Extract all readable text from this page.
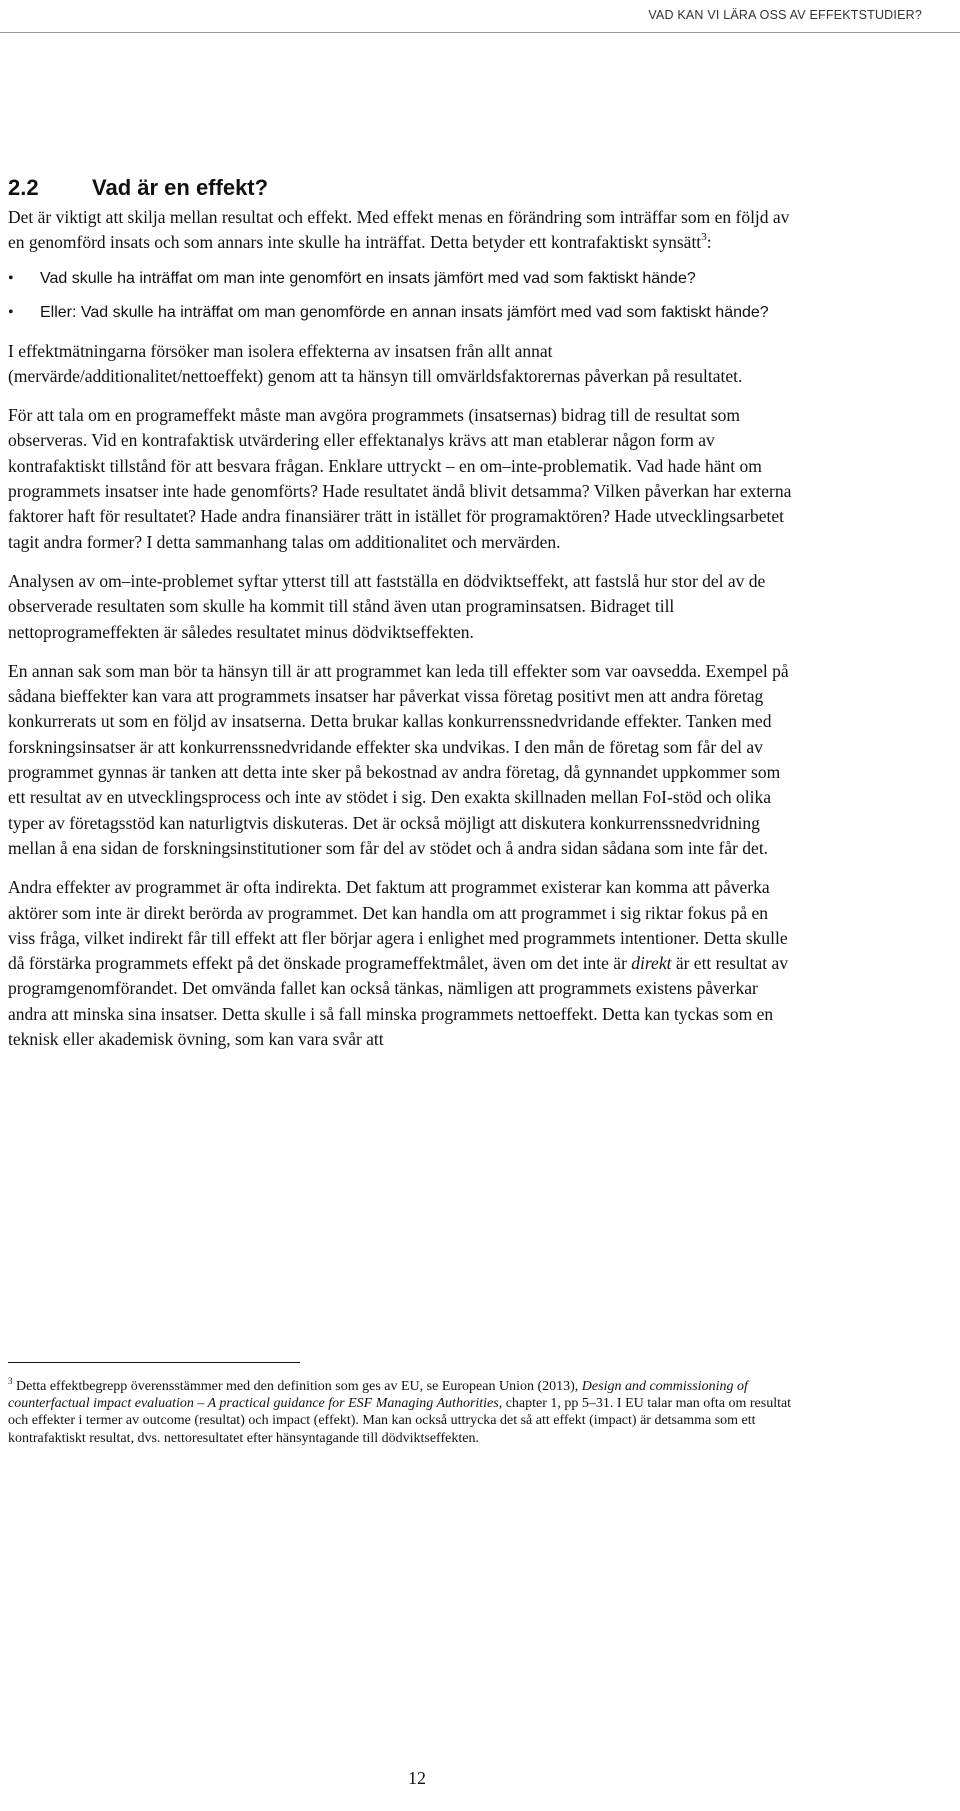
VAD KAN VI LÄRA OSS AV EFFEKTSTUDIER?
2.2 Vad är en effekt?

Det är viktigt att skilja mellan resultat och effekt. Med effekt menas en förändring som inträffar som en följd av en genomförd insats och som annars inte skulle ha inträffat. Detta betyder ett kontrafaktiskt synsätt$^3$:

•	Vad skulle ha inträffat om man inte genomfört en insats jämfört med vad som faktiskt hände?
•	Eller: Vad skulle ha inträffat om man genomförde en annan insats jämfört med vad som faktiskt hände?

I effektmätningarna försöker man isolera effekterna av insatsen från allt annat (mervärde/additionalitet/nettoeffekt) genom att ta hänsyn till omvärldsfaktorernas påverkan på resultatet.

För att tala om en programeffekt måste man avgöra programmets (insatsernas) bidrag till de resultat som observeras. Vid en kontrafaktisk utvärdering eller effektanalys krävs att man etablerar någon form av kontrafaktiskt tillstånd för att besvara frågan. Enklare uttryckt – en om–inte-problematik. Vad hade hänt om programmets insatser inte hade genomförts? Hade resultatet ändå blivit detsamma? Vilken påverkan har externa faktorer haft för resultatet? Hade andra finansiärer trätt in istället för programaktören? Hade utvecklingsarbetet tagit andra former? I detta sammanhang talas om additionalitet och mervärden.

Analysen av om–inte-problemet syftar ytterst till att fastställa en dödviktseffekt, att fastslå hur stor del av de observerade resultaten som skulle ha kommit till stånd även utan programinsatsen. Bidraget till nettoprogrameffekten är således resultatet minus dödviktseffekten.

En annan sak som man bör ta hänsyn till är att programmet kan leda till effekter som var oavsedda. Exempel på sådana bieffekter kan vara att programmets insatser har påverkat vissa företag positivt men att andra företag konkurrerats ut som en följd av insatserna. Detta brukar kallas konkurrenssnedvridande effekter. Tanken med forskningsinsatser är att konkurrenssnedvridande effekter ska undvikas. I den mån de företag som får del av programmet gynnas är tanken att detta inte sker på bekostnad av andra företag, då gynnandet uppkommer som ett resultat av en utvecklingsprocess och inte av stödet i sig. Den exakta skillnaden mellan FoI-stöd och olika typer av företagsstöd kan naturligtvis diskuteras. Det är också möjligt att diskutera konkurrenssnedvridning mellan å ena sidan de forskningsinstitutioner som får del av stödet och å andra sidan sådana som inte får det.

Andra effekter av programmet är ofta indirekta. Det faktum att programmet existerar kan komma att påverka aktörer som inte är direkt berörda av programmet. Det kan handla om att programmet i sig riktar fokus på en viss fråga, vilket indirekt får till effekt att fler börjar agera i enlighet med programmets intentioner. Detta skulle då förstärka programmets effekt på det önskade programeffektmålet, även om det inte är direkt är ett resultat av programgenomförandet. Det omvända fallet kan också tänkas, nämligen att programmets existens påverkar andra att minska sina insatser. Detta skulle i så fall minska programmets nettoeffekt. Detta kan tyckas som en teknisk eller akademisk övning, som kan vara svår att

$^3$ Detta effektbegrepp överensstämmer med den definition som ges av EU, se European Union (2013), Design and commissioning of counterfactual impact evaluation – A practical guidance for ESF Managing Authorities, chapter 1, pp 5–31. I EU talar man ofta om resultat och effekter i termer av outcome (resultat) och impact (effekt). Man kan också uttrycka det så att effekt (impact) är detsamma som ett kontrafaktiskt resultat, dvs. nettoresultatet efter hänsyntagande till dödviktseffekten.
12
